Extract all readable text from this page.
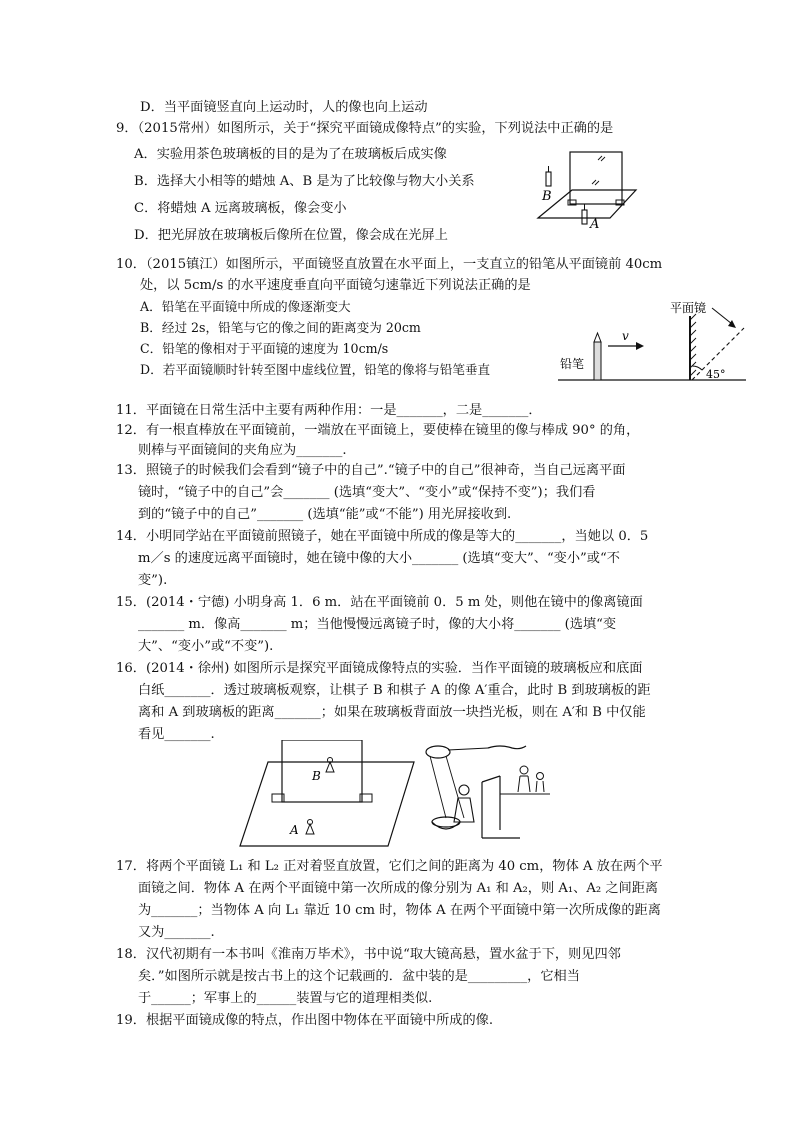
D．当平面镜竖直向上运动时，人的像也向上运动
9．（2015常州）如图所示，关于“探究平面镜成像特点”的实验，下列说法中正确的是
A．实验用茶色玻璃板的目的是为了在玻璃板后成实像
B．选择大小相等的蜡烛 A、B 是为了比较像与物大小关系
C．将蜡烛 A 远离玻璃板，像会变小
D．把光屏放在玻璃板后像所在位置，像会成在光屏上
B
A
10．（2015镇江）如图所示，平面镜竖直放置在水平面上，一支直立的铅笔从平面镜前 40cm
处，以 5cm/s 的水平速度垂直向平面镜匀速靠近下列说法正确的是
A．铅笔在平面镜中所成的像逐渐变大
B．经过 2s，铅笔与它的像之间的距离变为 20cm
C．铅笔的像相对于平面镜的速度为 10cm/s
D．若平面镜顺时针转至图中虚线位置，铅笔的像将与铅笔垂直	铅笔
v
平面镜
45°
11．平面镜在日常生活中主要有两种作用：一是_______，二是_______．
12．有一根直棒放在平面镜前，一端放在平面镜上，要使棒在镜里的像与棒成 90° 的角，
则棒与平面镜间的夹角应为_______.
13．照镜子的时候我们会看到“镜子中的自己”.“镜子中的自己”很神奇，当自己远离平面
镜时，“镜子中的自己”会_______ (选填“变大”、“变小”或“保持不变”)；我们看
到的“镜子中的自己”_______ (选填“能”或“不能”) 用光屏接收到.
14．小明同学站在平面镜前照镜子，她在平面镜中所成的像是等大的_______，当她以 0．5
m／s 的速度远离平面镜时，她在镜中像的大小_______ (选填“变大”、“变小”或“不
变”).
15．(2014・宁德) 小明身高 1．6 m．站在平面镜前 0．5 m 处，则他在镜中的像离镜面
_______ m．像高_______ m；当他慢慢远离镜子时，像的大小将_______ (选填“变
大”、“变小”或“不变”).
16．(2014・徐州) 如图所示是探究平面镜成像特点的实验．当作平面镜的玻璃板应和底面
白纸_______．透过玻璃板观察，让棋子 B 和棋子 A 的像 A′重合，此时 B 到玻璃板的距
离和 A 到玻璃板的距离_______；如果在玻璃板背面放一块挡光板，则在 A′和 B 中仅能
看见_______.
B
A
17．将两个平面镜 L₁ 和 L₂ 正对着竖直放置，它们之间的距离为 40 cm，物体 A 放在两个平
面镜之间．物体 A 在两个平面镜中第一次所成的像分别为 A₁ 和 A₂，则 A₁、A₂ 之间距离
为_______；当物体 A 向 L₁ 靠近 10 cm 时，物体 A 在两个平面镜中第一次所成像的距离
又为_______.
18．汉代初期有一本书叫《淮南万毕术》，书中说“取大镜高悬，置水盆于下，则见四邻
矣．”如图所示就是按古书上的这个记载画的．盆中装的是_________，它相当
于______；军事上的______装置与它的道理相类似.
19．根据平面镜成像的特点，作出图中物体在平面镜中所成的像.
